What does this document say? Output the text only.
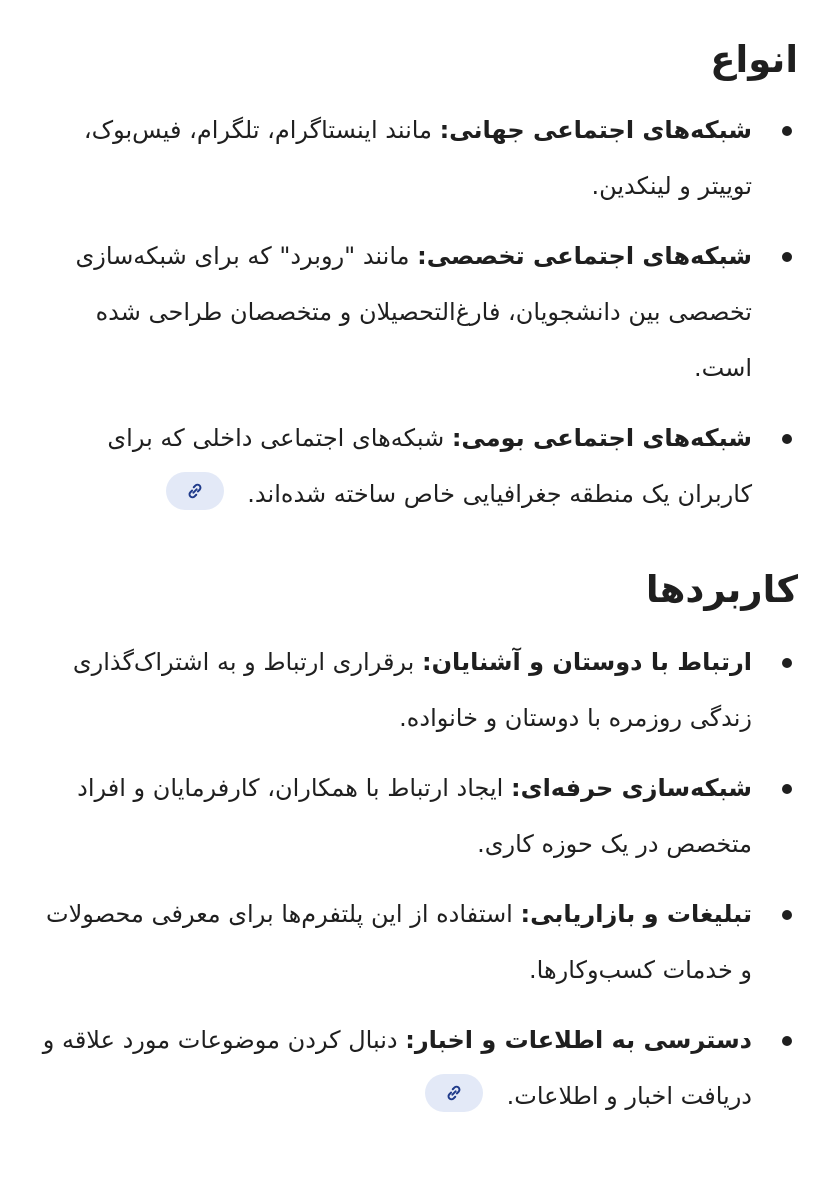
انواع
شبکه‌های اجتماعی جهانی: مانند اینستاگرام، تلگرام، فیس‌بوک، توییتر و لینکدین.
شبکه‌های اجتماعی تخصصی: مانند "روبرد" که برای شبکه‌سازی تخصصی بین دانشجویان، فارغ‌التحصیلان و متخصصان طراحی شده است.
شبکه‌های اجتماعی بومی: شبکه‌های اجتماعی داخلی که برای کاربران یک منطقه جغرافیایی خاص ساخته شده‌اند.
کاربردها
ارتباط با دوستان و آشنایان: برقراری ارتباط و به اشتراک‌گذاری زندگی روزمره با دوستان و خانواده.
شبکه‌سازی حرفه‌ای: ایجاد ارتباط با همکاران، کارفرمایان و افراد متخصص در یک حوزه کاری.
تبلیغات و بازاریابی: استفاده از این پلتفرم‌ها برای معرفی محصولات و خدمات کسب‌وکارها.
دسترسی به اطلاعات و اخبار: دنبال کردن موضوعات مورد علاقه و دریافت اخبار و اطلاعات.
